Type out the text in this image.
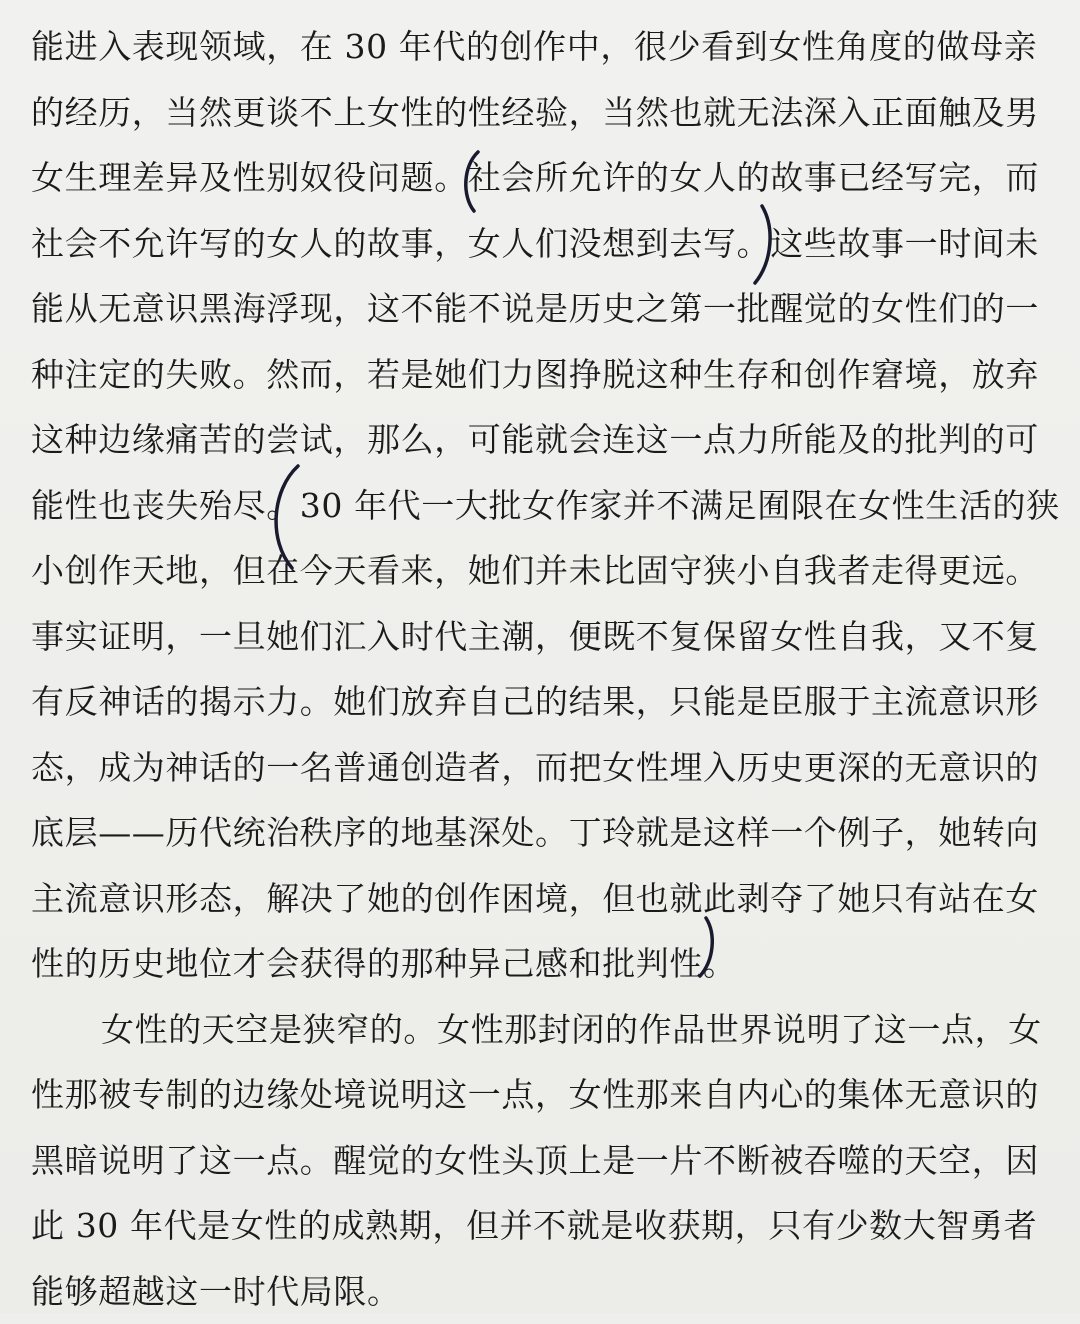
能进入表现领域，在 30 年代的创作中，很少看到女性角度的做母亲
的经历，当然更谈不上女性的性经验，当然也就无法深入正面触及男
女生理差异及性别奴役问题。社会所允许的女人的故事已经写完，而
社会不允许写的女人的故事，女人们没想到去写。这些故事一时间未
能从无意识黑海浮现，这不能不说是历史之第一批醒觉的女性们的一
种注定的失败。然而，若是她们力图挣脱这种生存和创作窘境，放弃
这种边缘痛苦的尝试，那么，可能就会连这一点力所能及的批判的可
能性也丧失殆尽。30 年代一大批女作家并不满足囿限在女性生活的狭
小创作天地，但在今天看来，她们并未比固守狭小自我者走得更远。
事实证明，一旦她们汇入时代主潮，便既不复保留女性自我，又不复
有反神话的揭示力。她们放弃自己的结果，只能是臣服于主流意识形
态，成为神话的一名普通创造者，而把女性埋入历史更深的无意识的
底层——历代统治秩序的地基深处。丁玲就是这样一个例子，她转向
主流意识形态，解决了她的创作困境，但也就此剥夺了她只有站在女
性的历史地位才会获得的那种异己感和批判性。

女性的天空是狭窄的。女性那封闭的作品世界说明了这一点，女
性那被专制的边缘处境说明这一点，女性那来自内心的集体无意识的
黑暗说明了这一点。醒觉的女性头顶上是一片不断被吞噬的天空，因
此 30 年代是女性的成熟期，但并不就是收获期，只有少数大智勇者
能够超越这一时代局限。
